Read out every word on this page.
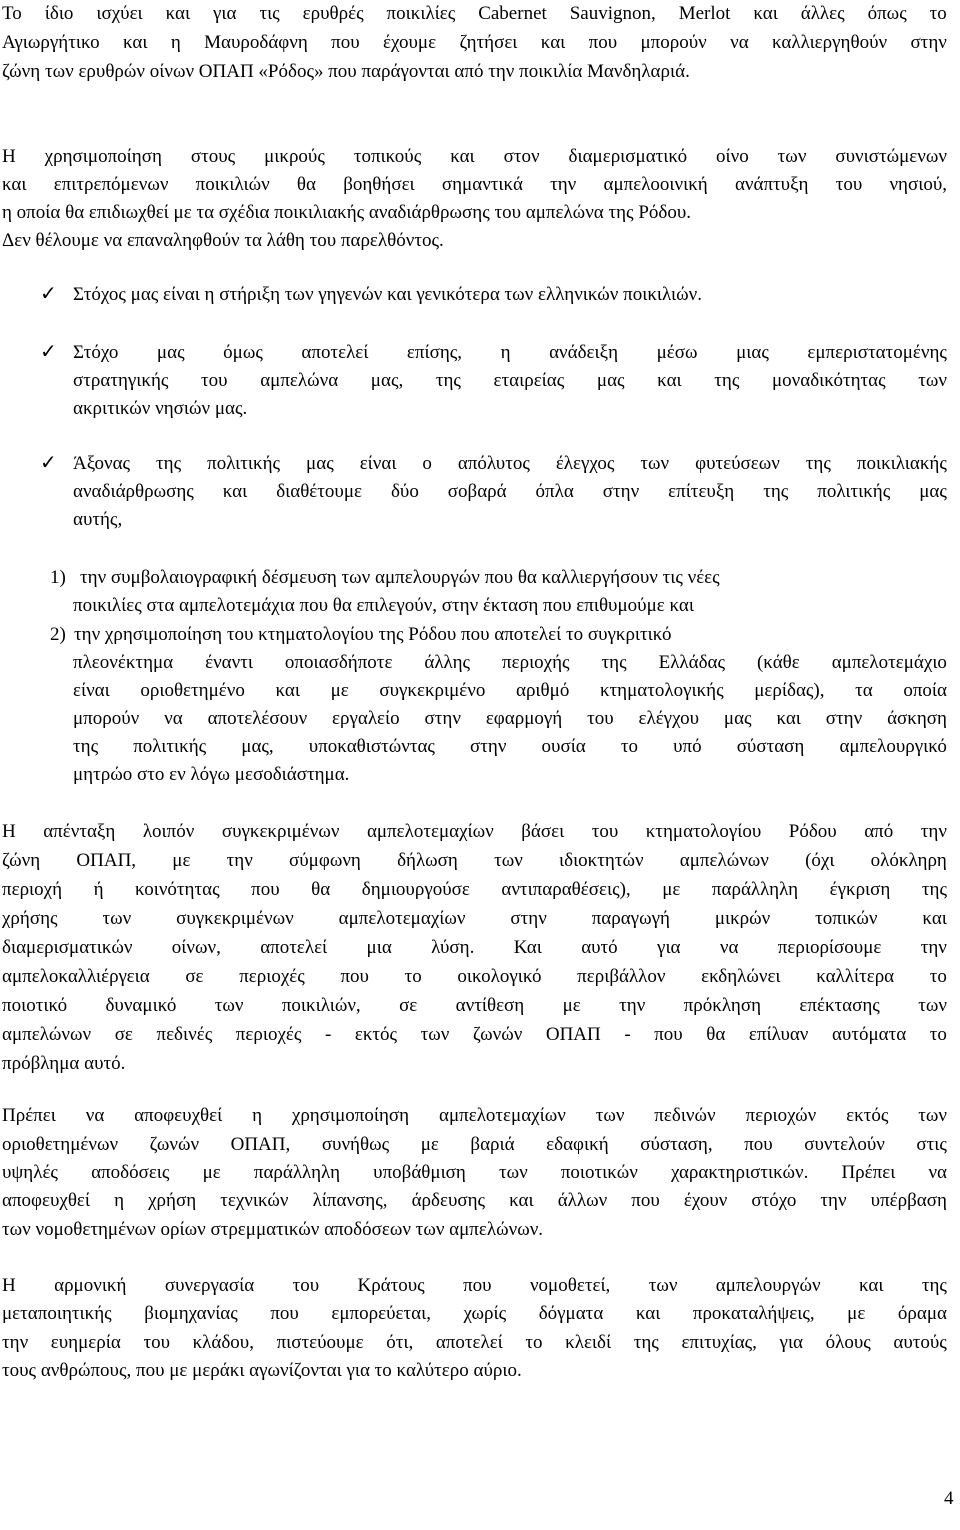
Το ίδιο ισχύει και για τις ερυθρές ποικιλίες Cabernet Sauvignon, Merlot και άλλες όπως το
Αγιωργήτικο και η Μαυροδάφνη που έχουμε ζητήσει και που μπορούν να καλλιεργηθούν στην
ζώνη των ερυθρών οίνων ΟΠΑΠ «Ρόδος» που παράγονται από την ποικιλία Μανδηλαριά.
Η χρησιμοποίηση στους μικρούς τοπικούς και στον διαμερισματικό οίνο των συνιστώμενων
και επιτρεπόμενων ποικιλιών θα βοηθήσει σημαντικά την αμπελοοινική ανάπτυξη του νησιού,
η οποία θα επιδιωχθεί με τα σχέδια ποικιλιακής αναδιάρθρωσης του αμπελώνα της Ρόδου.
Δεν θέλουμε να επαναληφθούν τα λάθη του παρελθόντος.
✓ Στόχος μας είναι η στήριξη των γηγενών και γενικότερα των ελληνικών ποικιλιών.
✓ Στόχο μας όμως αποτελεί επίσης, η ανάδειξη μέσω μιας εμπεριστατομένης
στρατηγικής του αμπελώνα μας, της εταιρείας μας και της μοναδικότητας των
ακριτικών νησιών μας.
✓ Άξονας της πολιτικής μας είναι ο απόλυτος έλεγχος των φυτεύσεων της ποικιλιακής
αναδιάρθρωσης και διαθέτουμε δύο σοβαρά όπλα στην επίτευξη της πολιτικής μας
αυτής,
1) την συμβολαιογραφική δέσμευση των αμπελουργών που θα καλλιεργήσουν τις νέες
ποικιλίες στα αμπελοτεμάχια που θα επιλεγούν, στην έκταση που επιθυμούμε και
2) την χρησιμοποίηση του κτηματολογίου της Ρόδου που αποτελεί το συγκριτικό
πλεονέκτημα έναντι οποιασδήποτε άλλης περιοχής της Ελλάδας (κάθε αμπελοτεμάχιο
είναι οριοθετημένο και με συγκεκριμένο αριθμό κτηματολογικής μερίδας), τα οποία
μπορούν να αποτελέσουν εργαλείο στην εφαρμογή του ελέγχου μας και στην άσκηση
της πολιτικής μας, υποκαθιστώντας στην ουσία το υπό σύσταση αμπελουργικό
μητρώο στο εν λόγω μεσοδιάστημα.
Η απένταξη λοιπόν συγκεκριμένων αμπελοτεμαχίων βάσει του κτηματολογίου Ρόδου από την
ζώνη ΟΠΑΠ, με την σύμφωνη δήλωση των ιδιοκτητών αμπελώνων (όχι ολόκληρη
περιοχή ή κοινότητας που θα δημιουργούσε αντιπαραθέσεις), με παράλληλη έγκριση της
χρήσης των συγκεκριμένων αμπελοτεμαχίων στην παραγωγή μικρών τοπικών και
διαμερισματικών οίνων, αποτελεί μια λύση. Και αυτό για να περιορίσουμε την
αμπελοκαλλιέργεια σε περιοχές που το οικολογικό περιβάλλον εκδηλώνει καλλίτερα το
ποιοτικό δυναμικό των ποικιλιών, σε αντίθεση με την πρόκληση επέκτασης των
αμπελώνων σε πεδινές περιοχές - εκτός των ζωνών ΟΠΑΠ - που θα επίλυαν αυτόματα το
πρόβλημα αυτό.
Πρέπει να αποφευχθεί η χρησιμοποίηση αμπελοτεμαχίων των πεδινών περιοχών εκτός των
οριοθετημένων ζωνών ΟΠΑΠ, συνήθως με βαριά εδαφική σύσταση, που συντελούν στις
υψηλές αποδόσεις με παράλληλη υποβάθμιση των ποιοτικών χαρακτηριστικών. Πρέπει να
αποφευχθεί η χρήση τεχνικών λίπανσης, άρδευσης και άλλων που έχουν στόχο την υπέρβαση
των νομοθετημένων ορίων στρεμματικών αποδόσεων των αμπελώνων.
Η αρμονική συνεργασία του Κράτους που νομοθετεί, των αμπελουργών και της
μεταποιητικής βιομηχανίας που εμπορεύεται, χωρίς δόγματα και προκαταλήψεις, με όραμα
την ευημερία του κλάδου, πιστεύουμε ότι, αποτελεί το κλειδί της επιτυχίας, για όλους αυτούς
τους ανθρώπους, που με μεράκι αγωνίζονται για το καλύτερο αύριο.
4
